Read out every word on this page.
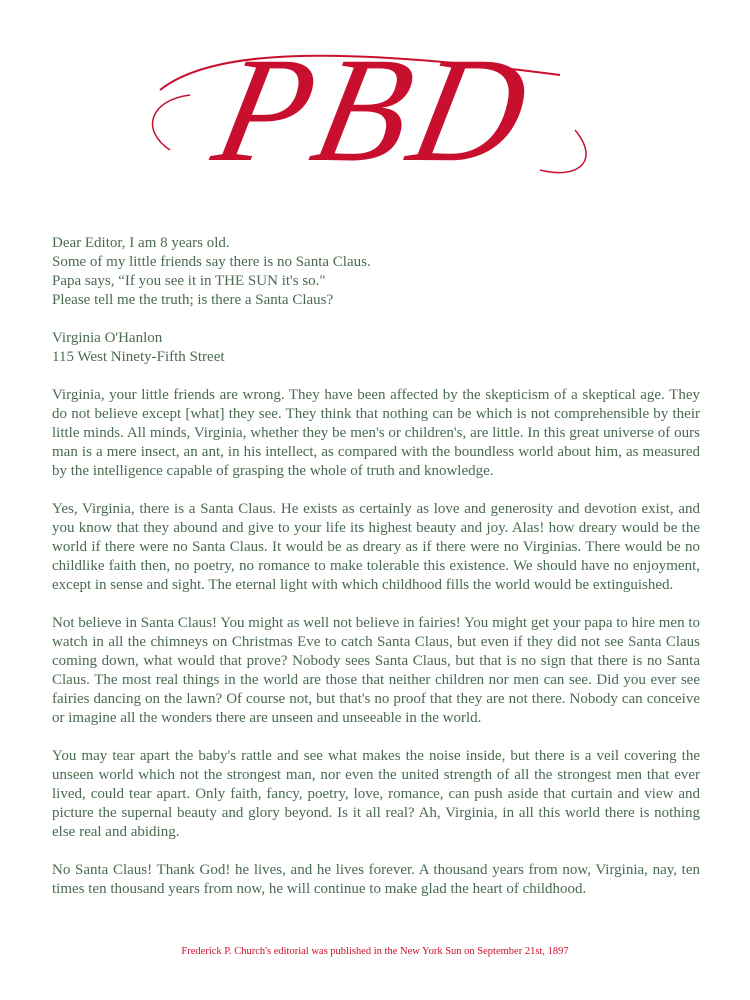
PBD

Dear Editor, I am 8 years old.

Some of my little friends say there is no Santa Claus.

Papa says, “If you see it in THE SUN it's so."

Please tell me the truth; is there a Santa Claus?

Virginia O'Hanlon

115 West Ninety-Fifth Street

Virginia, your little friends are wrong. They have been affected by the skepticism of a skeptical age. They do not believe except [what] they see. They think that nothing can be which is not comprehensible by their little minds. All minds, Virginia, whether they be men's or children's, are little. In this great universe of ours man is a mere insect, an ant, in his intellect, as compared with the boundless world about him, as measured by the intelligence capable of grasping the whole of truth and knowledge.

Yes, Virginia, there is a Santa Claus. He exists as certainly as love and generosity and devotion exist, and you know that they abound and give to your life its highest beauty and joy. Alas! how dreary would be the world if there were no Santa Claus. It would be as dreary as if there were no Virginias. There would be no childlike faith then, no poetry, no romance to make tolerable this existence. We should have no enjoyment, except in sense and sight. The eternal light with which childhood fills the world would be extinguished.

Not believe in Santa Claus! You might as well not believe in fairies! You might get your papa to hire men to watch in all the chimneys on Christmas Eve to catch Santa Claus, but even if they did not see Santa Claus coming down, what would that prove? Nobody sees Santa Claus, but that is no sign that there is no Santa Claus. The most real things in the world are those that neither children nor men can see. Did you ever see fairies dancing on the lawn? Of course not, but that's no proof that they are not there. Nobody can conceive or imagine all the wonders there are unseen and unseeable in the world.

You may tear apart the baby's rattle and see what makes the noise inside, but there is a veil covering the unseen world which not the strongest man, nor even the united strength of all the strongest men that ever lived, could tear apart. Only faith, fancy, poetry, love, romance, can push aside that curtain and view and picture the supernal beauty and glory beyond. Is it all real? Ah, Virginia, in all this world there is nothing else real and abiding.

No Santa Claus! Thank God! he lives, and he lives forever. A thousand years from now, Virginia, nay, ten times ten thousand years from now, he will continue to make glad the heart of childhood.

Frederick P. Church's editorial was published in the New York Sun on September 21st, 1897
